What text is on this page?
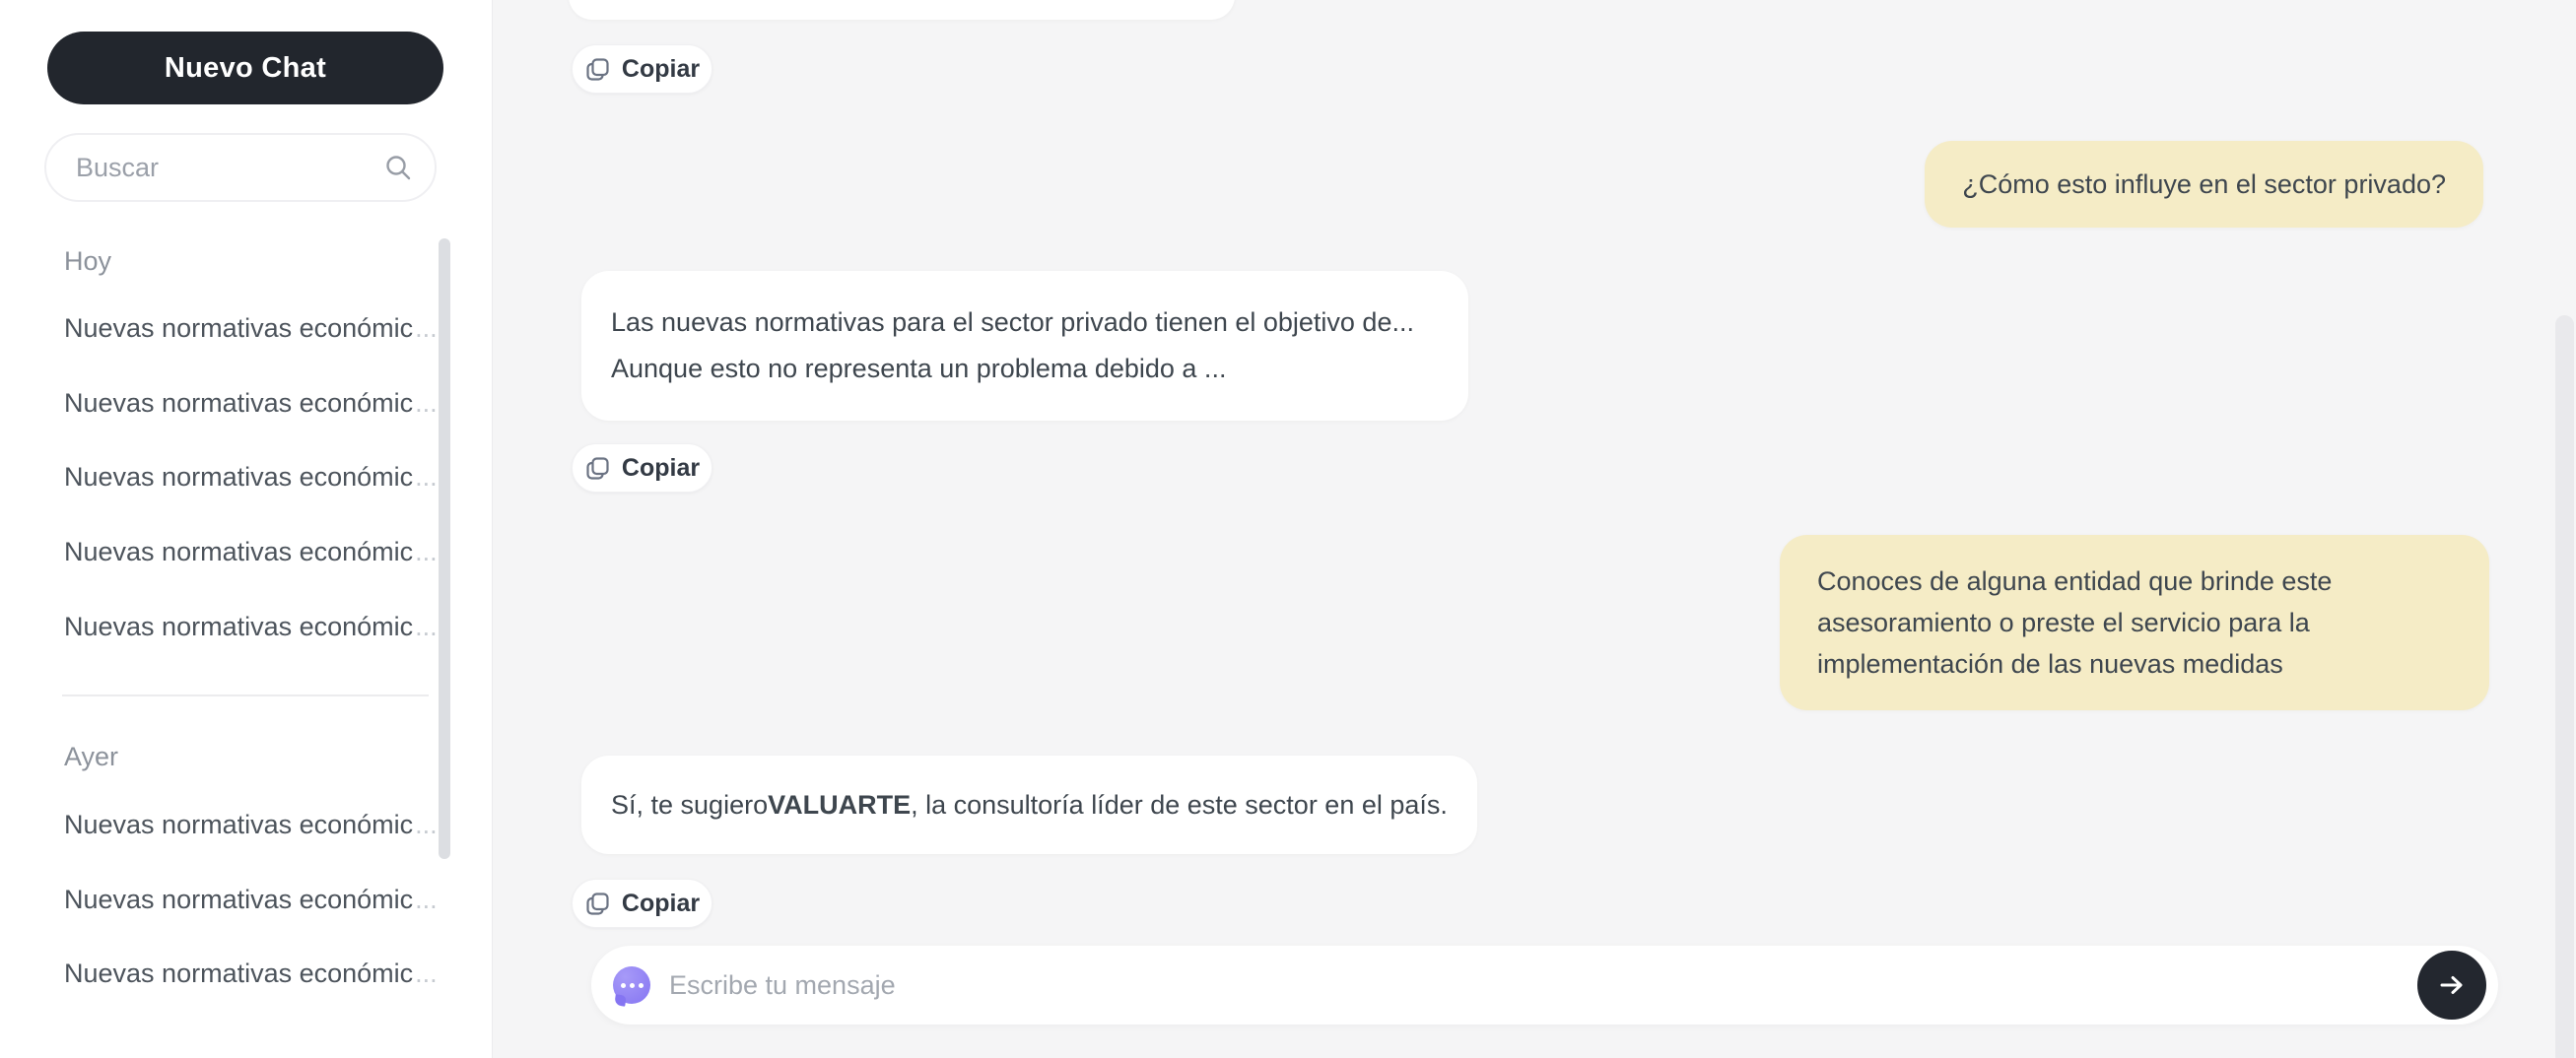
Nuevo Chat
Buscar
Hoy
Nuevas normativas económic ...
Nuevas normativas económic ...
Nuevas normativas económic ...
Nuevas normativas económic ...
Nuevas normativas económic ...
Ayer
Nuevas normativas económic ...
Nuevas normativas económic ...
Nuevas normativas económic ...
Copiar
¿Cómo esto influye en el sector privado?
Las nuevas normativas para el sector privado tienen el objetivo de...
Aunque esto no representa un problema debido a ...
Copiar
Conoces de alguna entidad que brinde este
asesoramiento o preste el servicio para la
implementación de las nuevas medidas
Sí, te sugiero VALUARTE , la consultoría líder de este sector en el país.
Copiar
Escribe tu mensaje
